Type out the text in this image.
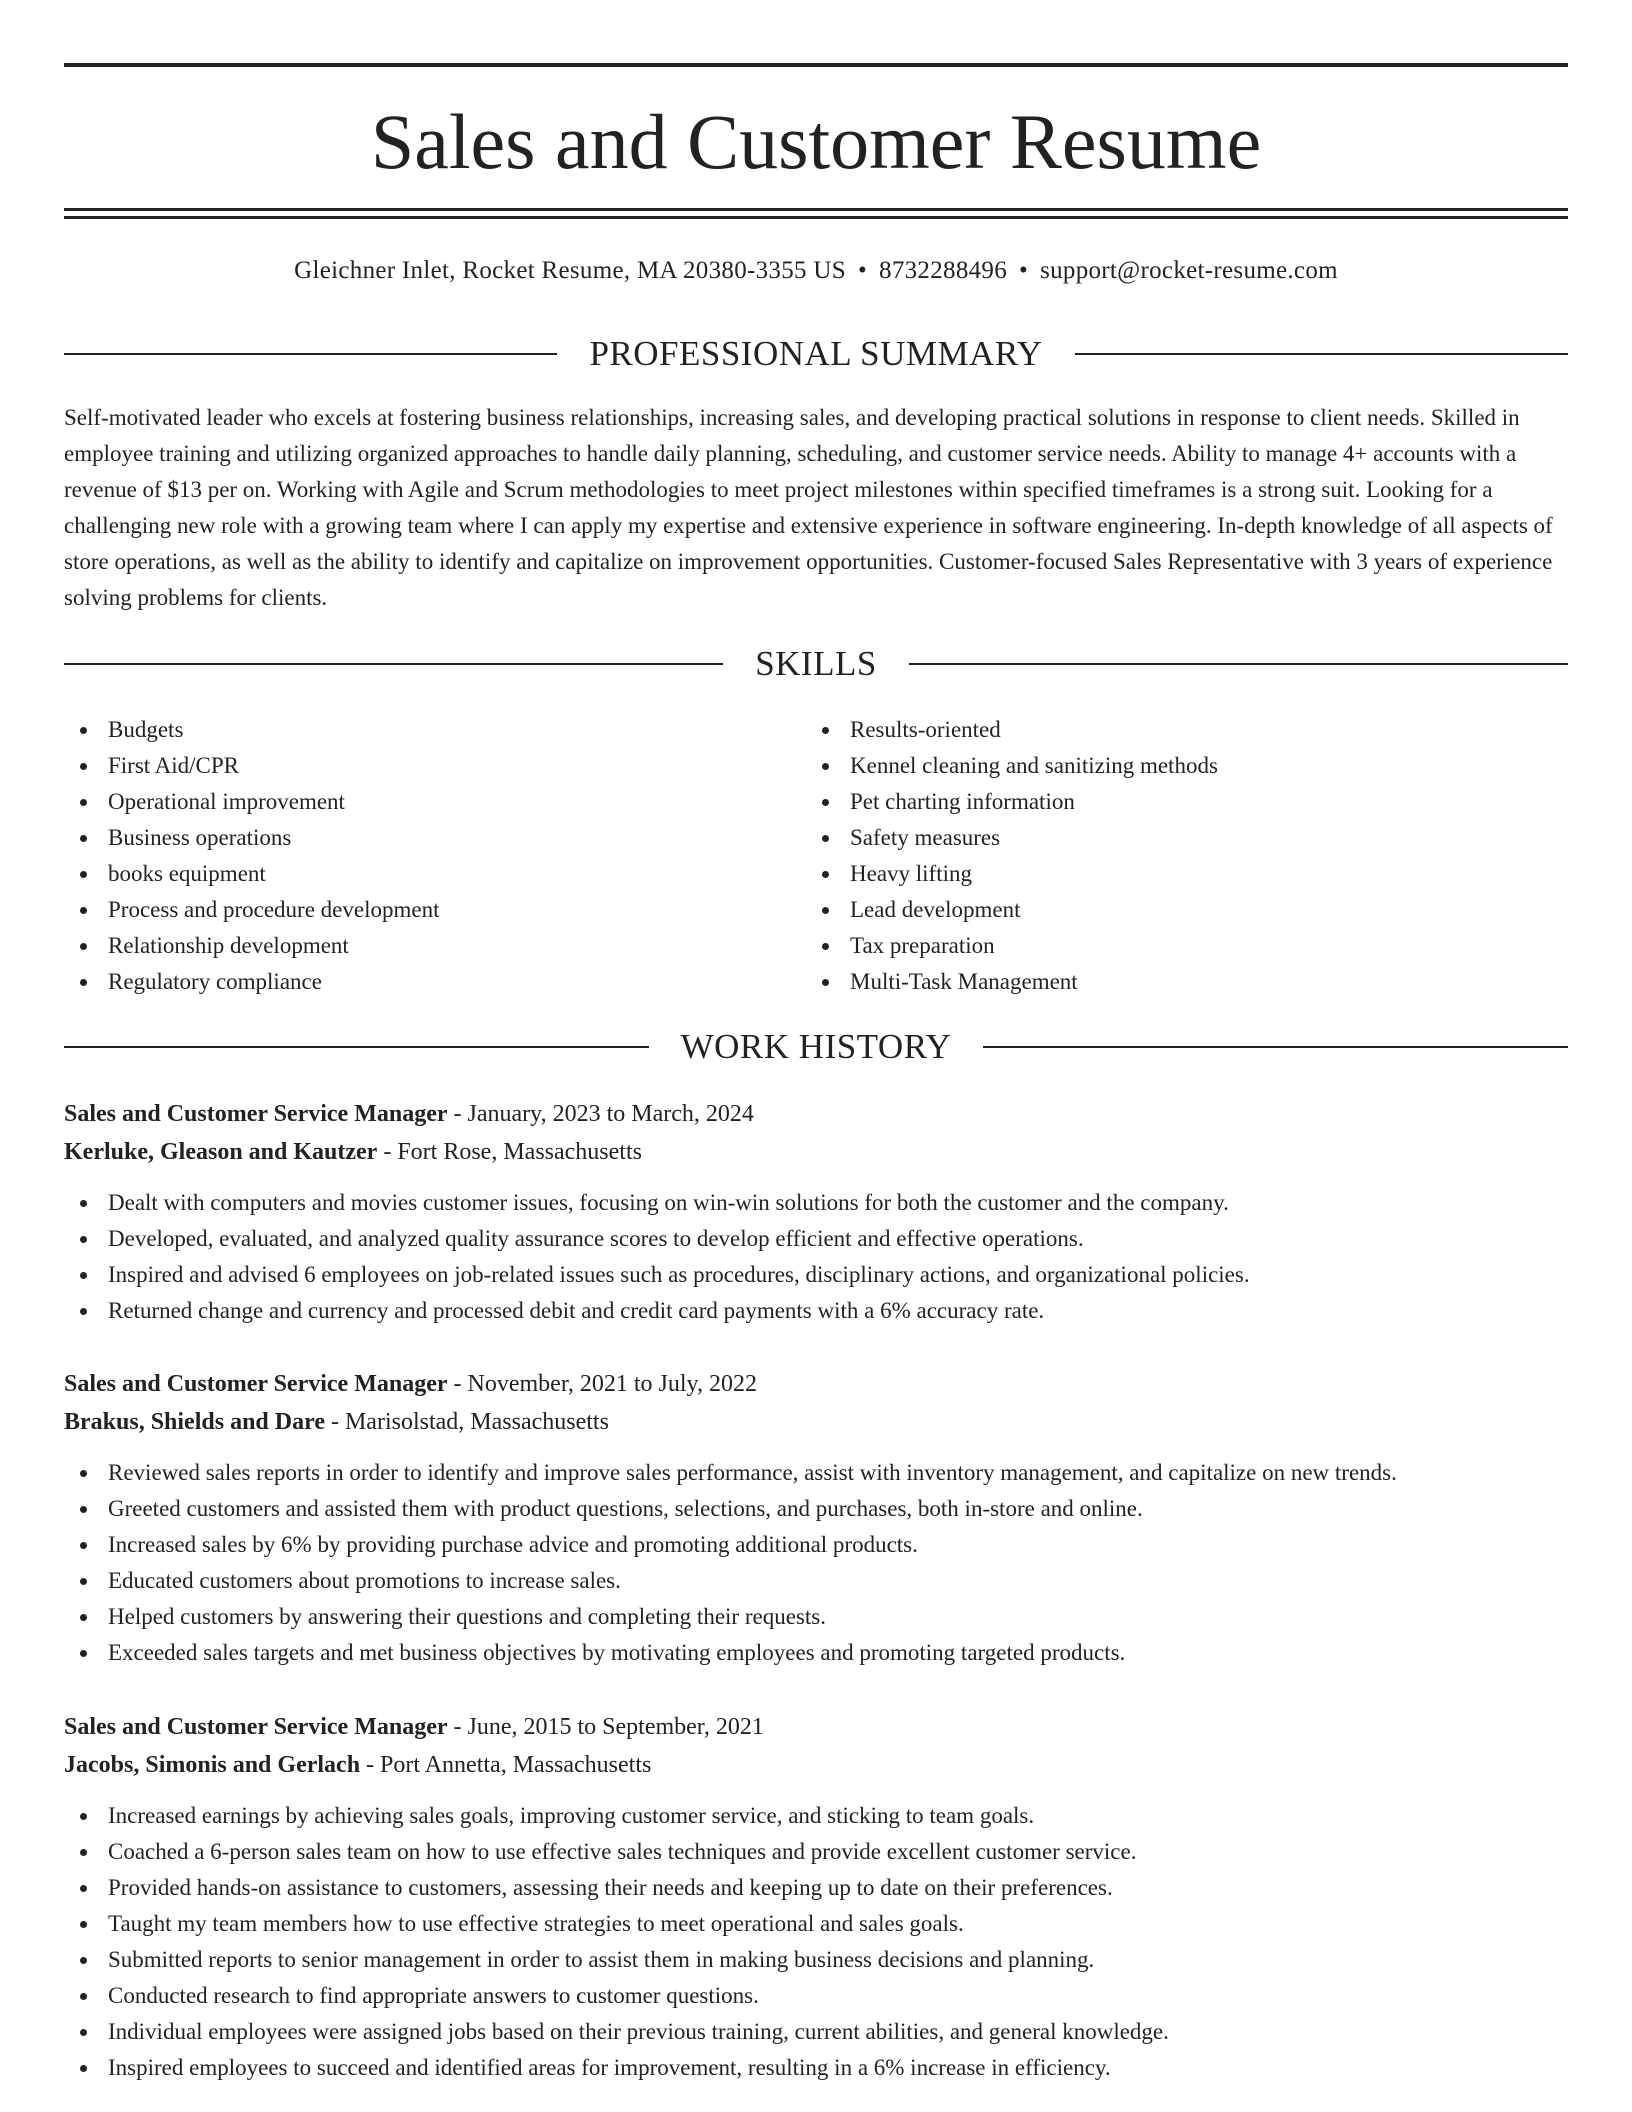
Sales and Customer Resume
Gleichner Inlet, Rocket Resume, MA 20380-3355 US • 8732288496 • support@rocket-resume.com
PROFESSIONAL SUMMARY

Self-motivated leader who excels at fostering business relationships, increasing sales, and developing practical solutions in response to client needs. Skilled in employee training and utilizing organized approaches to handle daily planning, scheduling, and customer service needs. Ability to manage 4+ accounts with a revenue of $13 per on. Working with Agile and Scrum methodologies to meet project milestones within specified timeframes is a strong suit. Looking for a challenging new role with a growing team where I can apply my expertise and extensive experience in software engineering. In-depth knowledge of all aspects of store operations, as well as the ability to identify and capitalize on improvement opportunities. Customer-focused Sales Representative with 3 years of experience solving problems for clients.

SKILLS
Budgets
First Aid/CPR
Operational improvement
Business operations
books equipment
Process and procedure development
Relationship development
Regulatory compliance
Results-oriented
Kennel cleaning and sanitizing methods
Pet charting information
Safety measures
Heavy lifting
Lead development
Tax preparation
Multi-Task Management
WORK HISTORY
Sales and Customer Service Manager - January, 2023 to March, 2024
Kerluke, Gleason and Kautzer - Fort Rose, Massachusetts
Dealt with computers and movies customer issues, focusing on win-win solutions for both the customer and the company.
Developed, evaluated, and analyzed quality assurance scores to develop efficient and effective operations.
Inspired and advised 6 employees on job-related issues such as procedures, disciplinary actions, and organizational policies.
Returned change and currency and processed debit and credit card payments with a 6% accuracy rate.
Sales and Customer Service Manager - November, 2021 to July, 2022
Brakus, Shields and Dare - Marisolstad, Massachusetts
Reviewed sales reports in order to identify and improve sales performance, assist with inventory management, and capitalize on new trends.
Greeted customers and assisted them with product questions, selections, and purchases, both in-store and online.
Increased sales by 6% by providing purchase advice and promoting additional products.
Educated customers about promotions to increase sales.
Helped customers by answering their questions and completing their requests.
Exceeded sales targets and met business objectives by motivating employees and promoting targeted products.
Sales and Customer Service Manager - June, 2015 to September, 2021
Jacobs, Simonis and Gerlach - Port Annetta, Massachusetts
Increased earnings by achieving sales goals, improving customer service, and sticking to team goals.
Coached a 6-person sales team on how to use effective sales techniques and provide excellent customer service.
Provided hands-on assistance to customers, assessing their needs and keeping up to date on their preferences.
Taught my team members how to use effective strategies to meet operational and sales goals.
Submitted reports to senior management in order to assist them in making business decisions and planning.
Conducted research to find appropriate answers to customer questions.
Individual employees were assigned jobs based on their previous training, current abilities, and general knowledge.
Inspired employees to succeed and identified areas for improvement, resulting in a 6% increase in efficiency.
